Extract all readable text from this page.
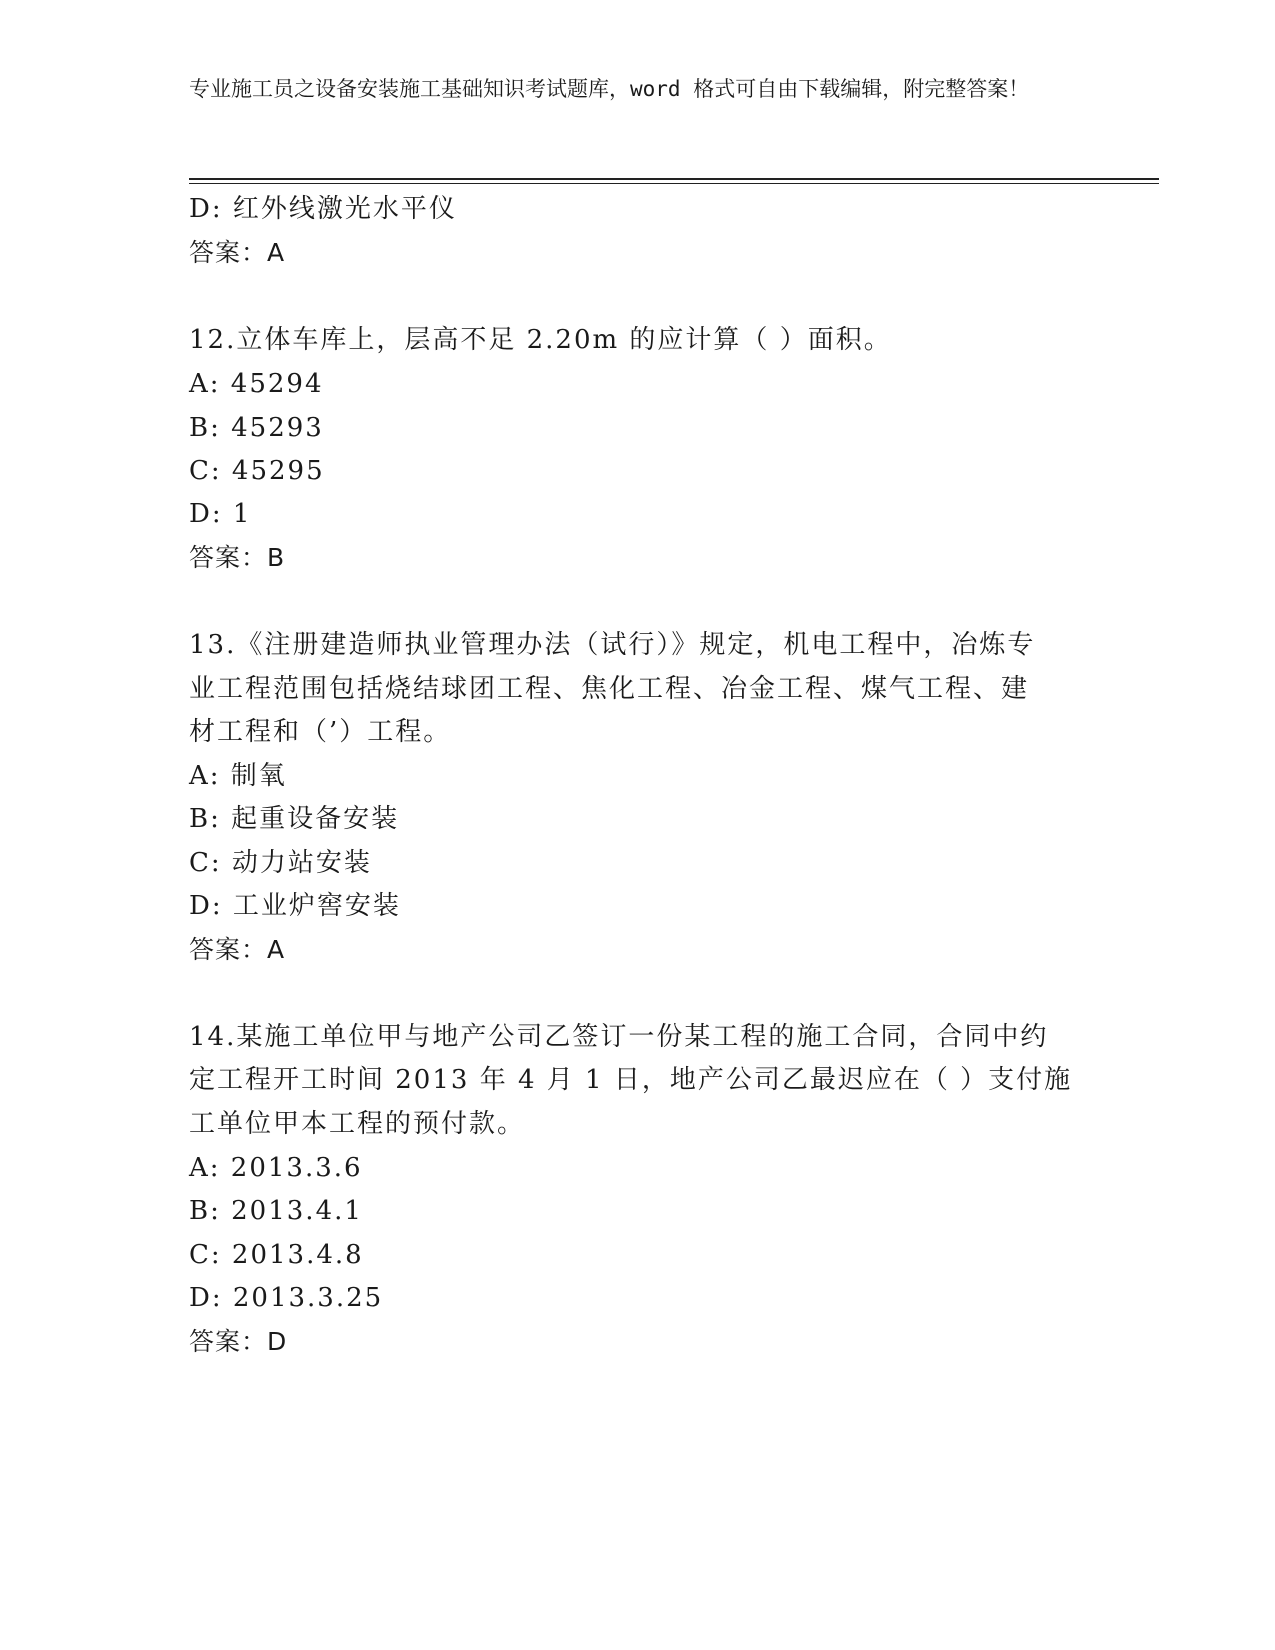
专业施工员之设备安装施工基础知识考试题库，word 格式可自由下载编辑，附完整答案！
D: 红外线激光水平仪
答案：A
12.立体车库上，层高不足 2.20m 的应计算（ ）面积。
A: 45294
B: 45293
C: 45295
D: 1
答案：B
13.《注册建造师执业管理办法（试行）》规定，机电工程中，冶炼专
业工程范围包括烧结球团工程、焦化工程、冶金工程、煤气工程、建
材工程和（’）工程。
A: 制氧
B: 起重设备安装
C: 动力站安装
D: 工业炉窖安装
答案：A
14.某施工单位甲与地产公司乙签订一份某工程的施工合同，合同中约
定工程开工时间 2013 年 4 月 1 日，地产公司乙最迟应在（ ）支付施
工单位甲本工程的预付款。
A: 2013.3.6
B: 2013.4.1
C: 2013.4.8
D: 2013.3.25
答案：D
